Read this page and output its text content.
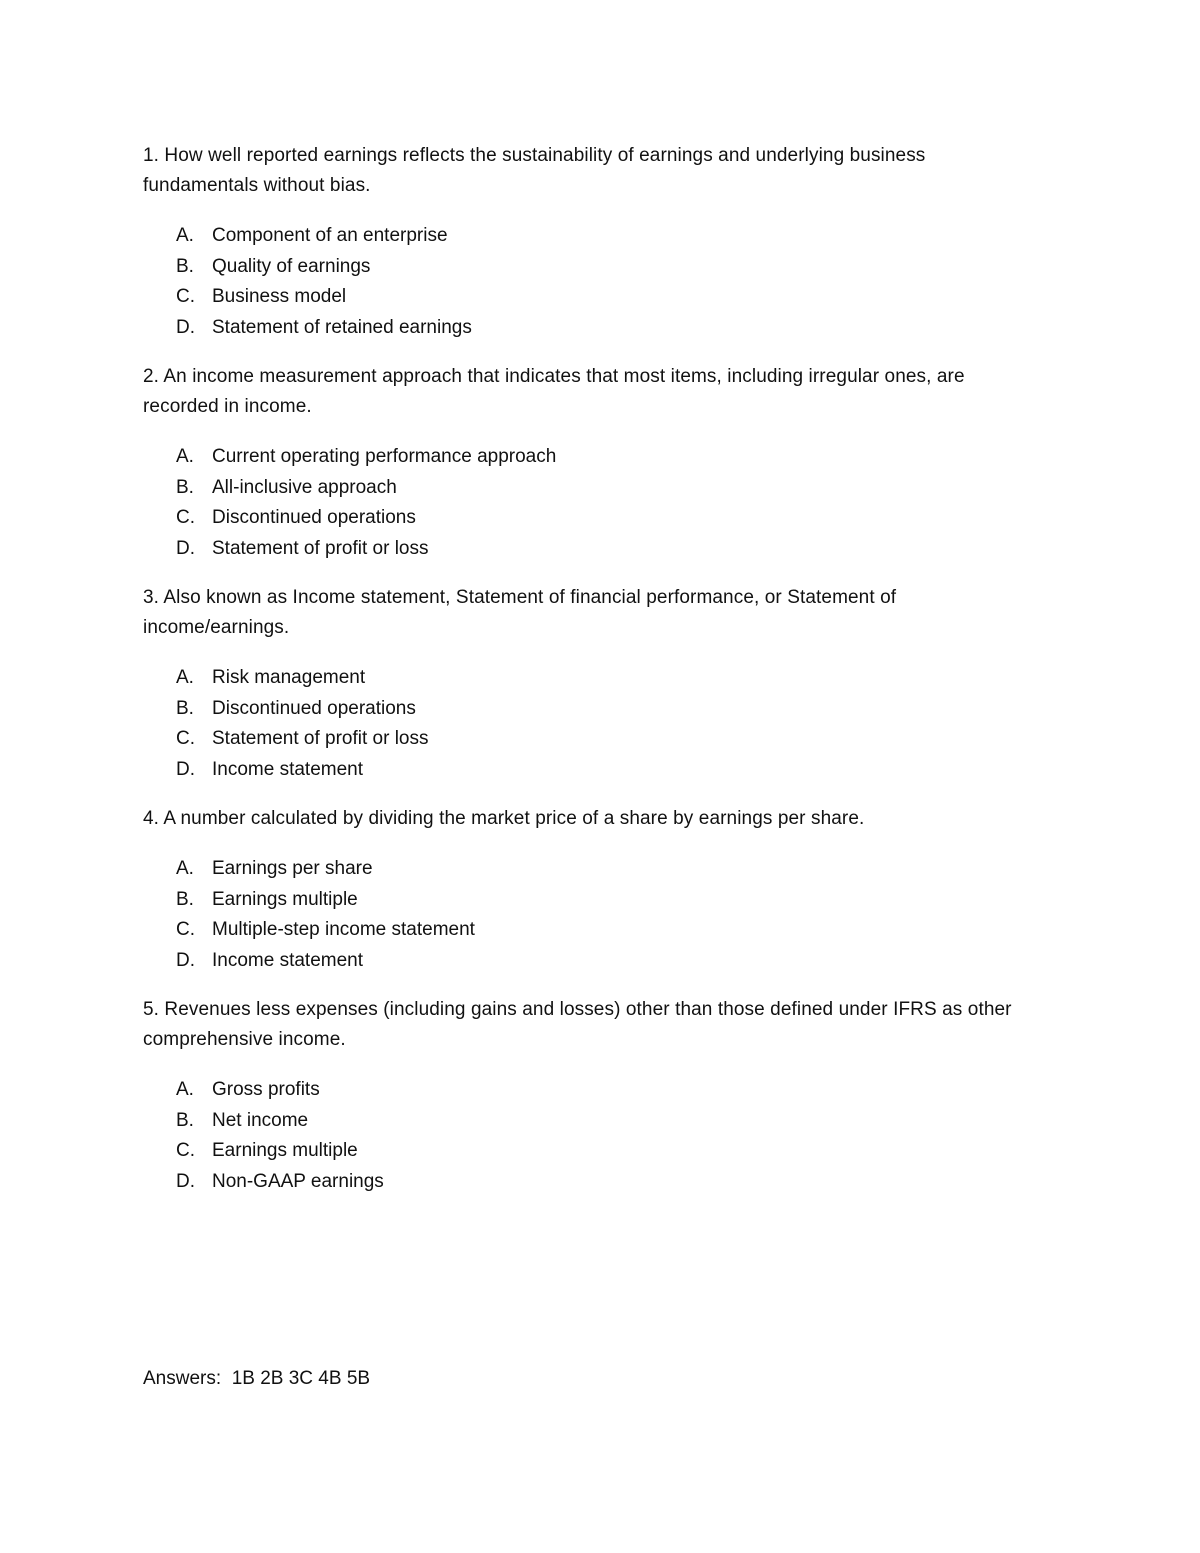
1. How well reported earnings reflects the sustainability of earnings and underlying business fundamentals without bias.

A. Component of an enterprise
B. Quality of earnings
C. Business model
D. Statement of retained earnings

2. An income measurement approach that indicates that most items, including irregular ones, are recorded in income.

A. Current operating performance approach
B. All-inclusive approach
C. Discontinued operations
D. Statement of profit or loss

3. Also known as Income statement, Statement of financial performance, or Statement of income/earnings.

A. Risk management
B. Discontinued operations
C. Statement of profit or loss
D. Income statement

4. A number calculated by dividing the market price of a share by earnings per share.

A. Earnings per share
B. Earnings multiple
C. Multiple-step income statement
D. Income statement

5. Revenues less expenses (including gains and losses) other than those defined under IFRS as other comprehensive income.

A. Gross profits
B. Net income
C. Earnings multiple
D. Non-GAAP earnings
Answers:  1B 2B 3C 4B 5B
